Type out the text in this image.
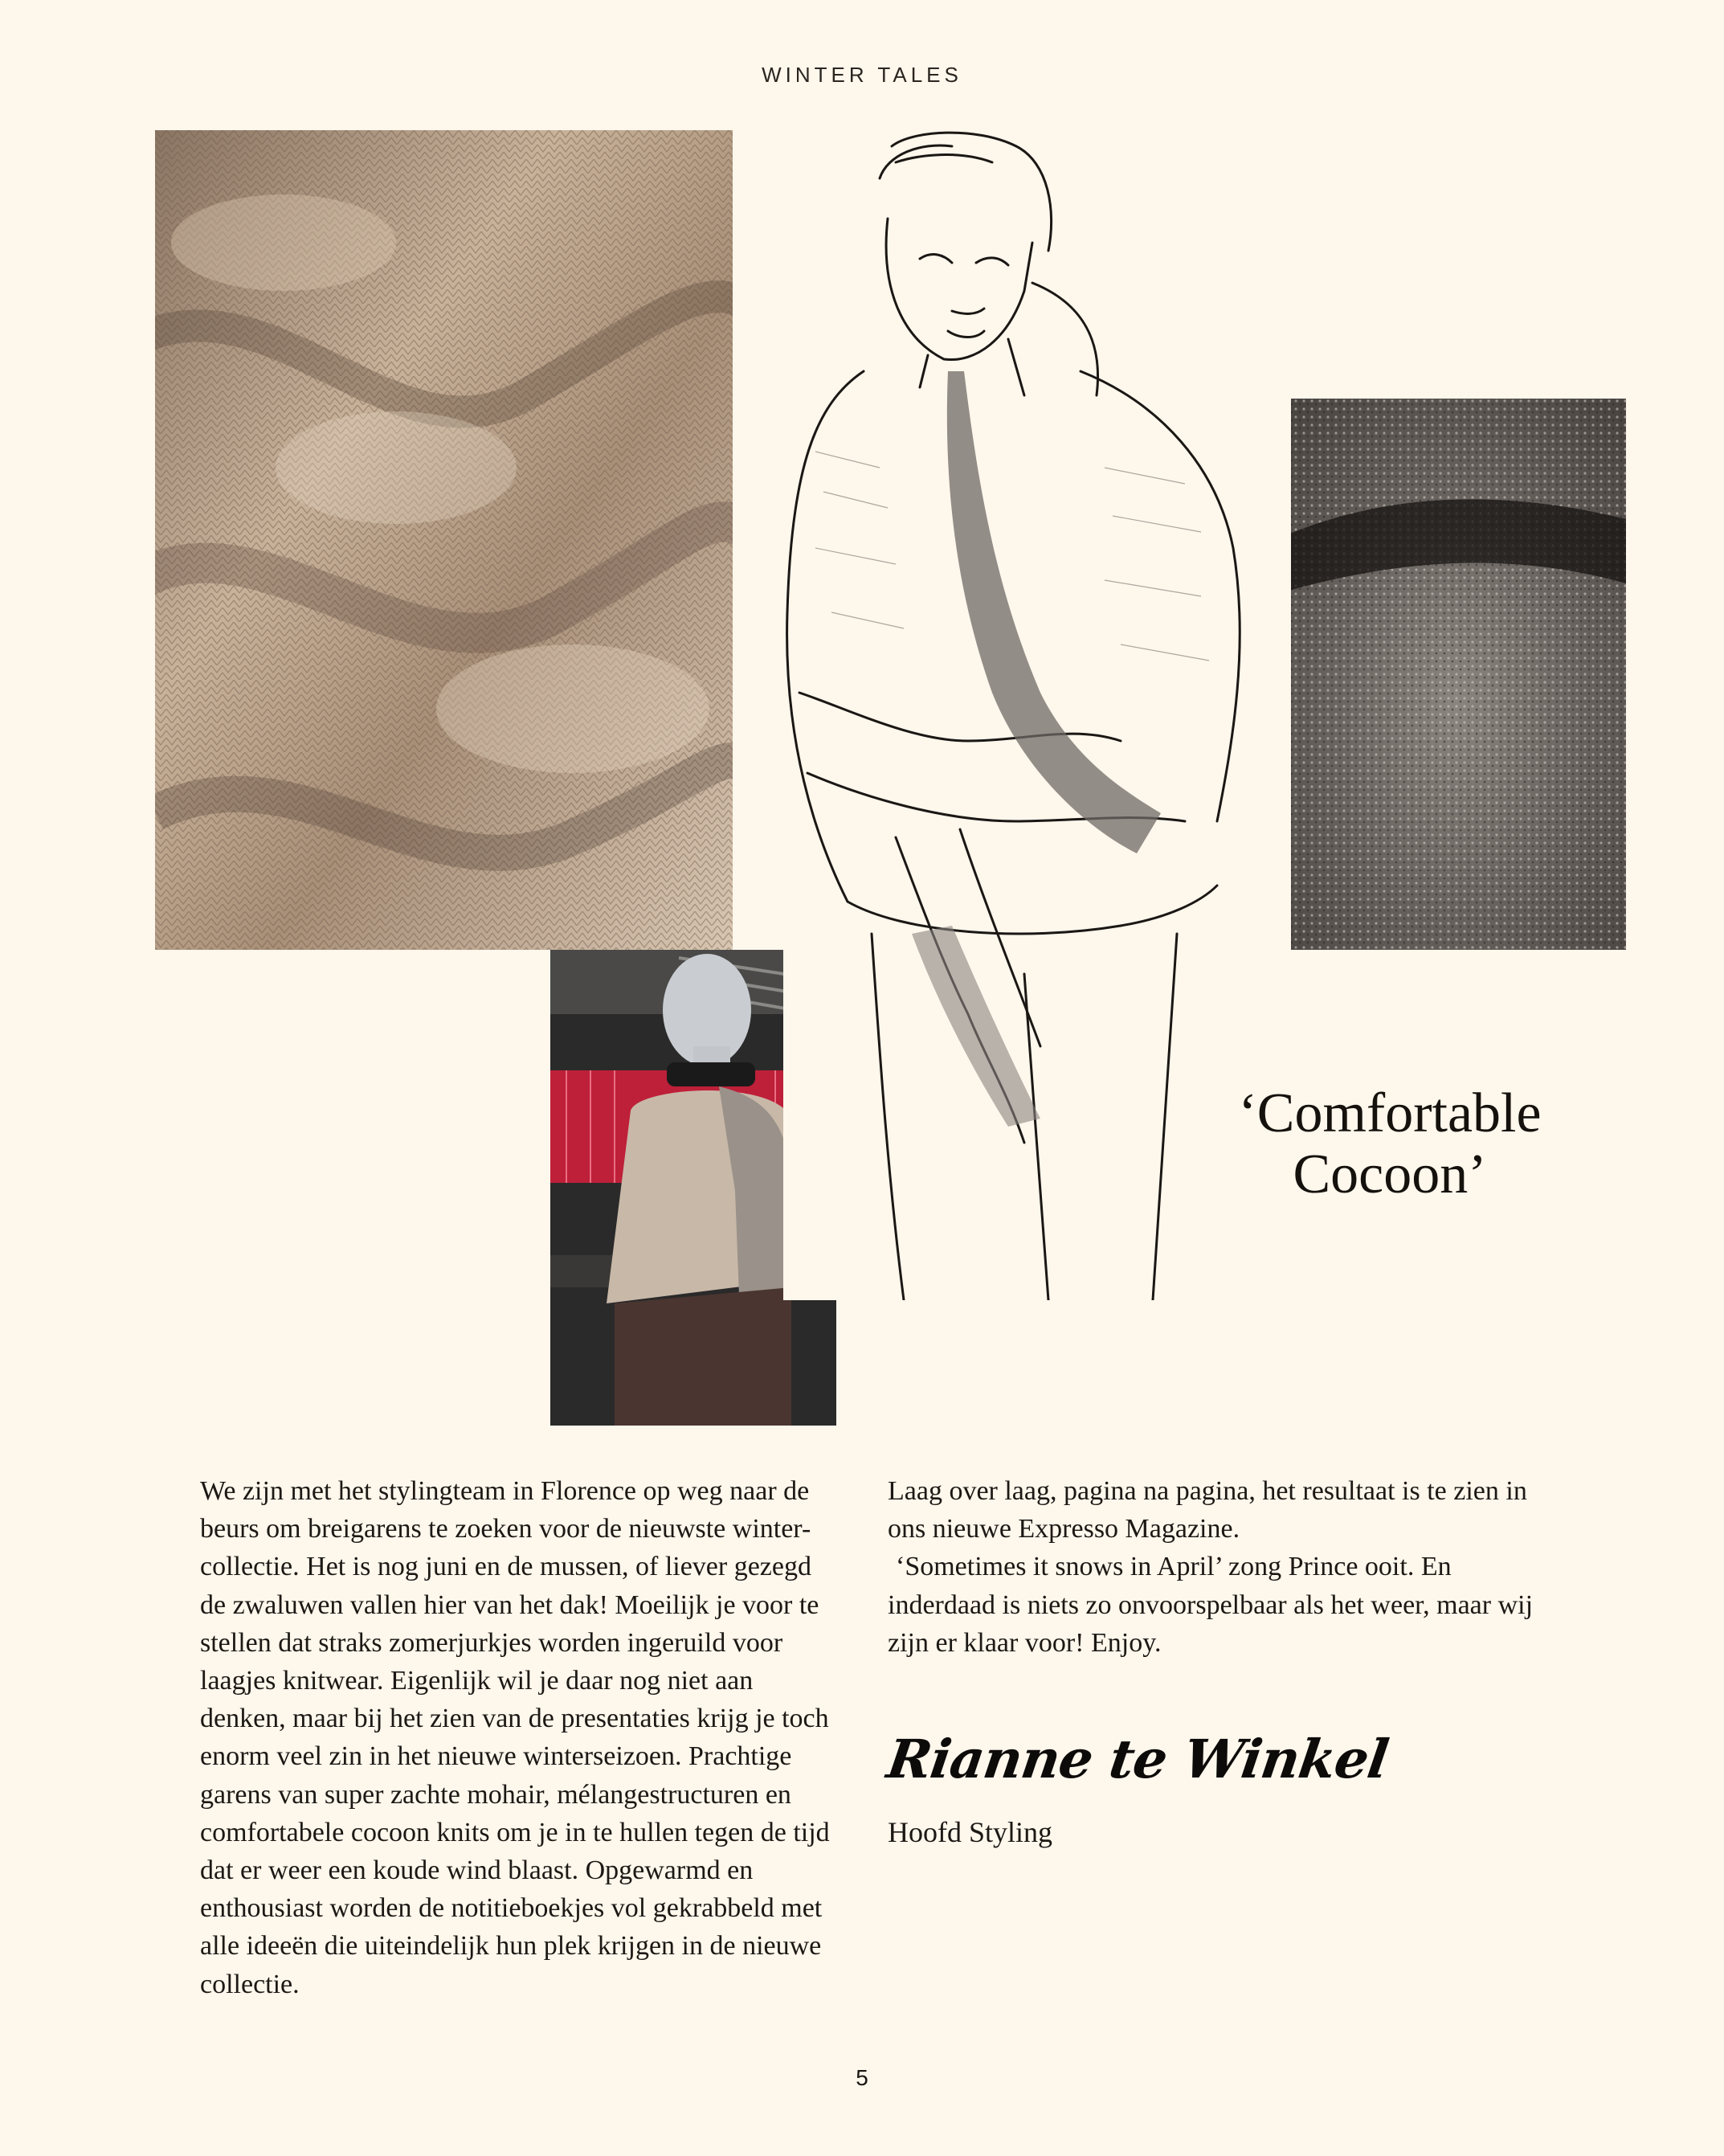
WINTER TALES
‘Comfortable
Cocoon’

We zijn met het stylingteam in Florence op weg naar de beurs om breigarens te zoeken voor de nieuwste winter-collectie. Het is nog juni en de mussen, of liever gezegd de zwaluwen vallen hier van het dak! Moeilijk je voor te stellen dat straks zomerjurkjes worden ingeruild voor laagjes knitwear. Eigenlijk wil je daar nog niet aan denken, maar bij het zien van de presentaties krijg je toch enorm veel zin in het nieuwe winterseizoen. Prachtige garens van super zachte mohair, mélangestructuren en comfortabele cocoon knits om je in te hullen tegen de tijd dat er weer een koude wind blaast. Opgewarmd en enthousiast worden de notitieboekjes vol gekrabbeld met alle ideeën die uiteindelijk hun plek krijgen in de nieuwe collectie.

Laag over laag, pagina na pagina, het resultaat is te zien in ons nieuwe Expresso Magazine.

‘Sometimes it snows in April’ zong Prince ooit. En inderdaad is niets zo onvoorspelbaar als het weer, maar wij zijn er klaar voor! Enjoy.

Rianne te Winkel
Hoofd Styling
5
